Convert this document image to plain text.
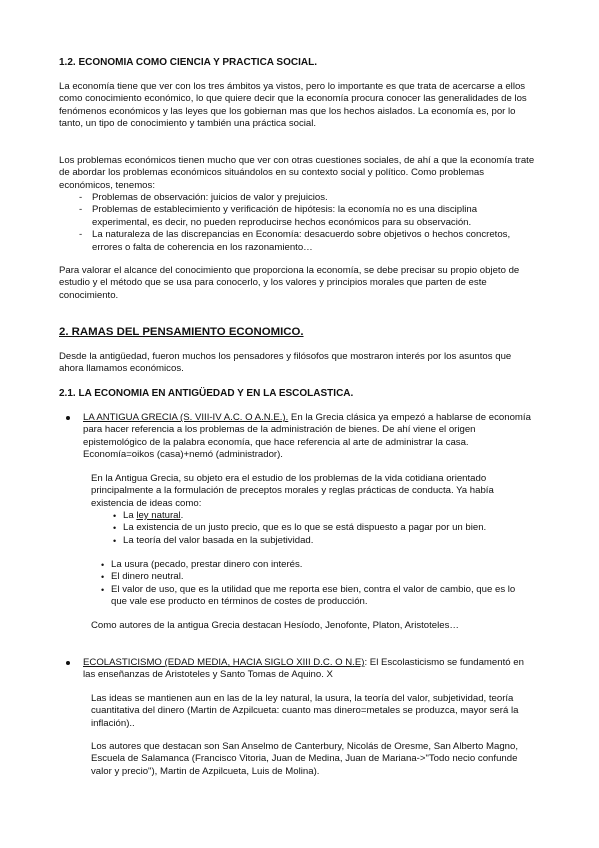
1.2. ECONOMIA COMO CIENCIA Y PRACTICA SOCIAL.

La economía tiene que ver con los tres ámbitos ya vistos, pero lo importante es que trata de acercarse a ellos como conocimiento económico, lo que quiere decir que la economía procura conocer las generalidades de los fenómenos económicos y las leyes que los gobiernan mas que los hechos aislados. La economía es, por lo tanto, un tipo de conocimiento y también una práctica social.

Los problemas económicos tienen mucho que ver con otras cuestiones sociales, de ahí a que la economía trate de abordar los problemas económicos situándolos en su contexto social y político. Como problemas económicos, tenemos:

- Problemas de observación: juicios de valor y prejuicios.
- Problemas de establecimiento y verificación de hipótesis: la economía no es una disciplina experimental, es decir, no pueden reproducirse hechos económicos para su observación.
- La naturaleza de las discrepancias en Economía: desacuerdo sobre objetivos o hechos concretos, errores o falta de coherencia en los razonamiento…

Para valorar el alcance del conocimiento que proporciona la economía, se debe precisar su propio objeto de estudio y el método que se usa para conocerlo, y los valores y principios morales que parten de este conocimiento.

2. RAMAS DEL PENSAMIENTO ECONOMICO.

Desde la antigüedad, fueron muchos los pensadores y filósofos que mostraron interés por los asuntos que ahora llamamos económicos.

2.1. LA ECONOMIA EN ANTIGÜEDAD Y EN LA ESCOLASTICA.
LA ANTIGUA GRECIA (S. VIII-IV A.C. O A.N.E.). En la Grecia clásica ya empezó a hablarse de economía para hacer referencia a los problemas de la administración de bienes. De ahí viene el origen epistemológico de la palabra economía, que hace referencia al arte de administrar la casa. Economía=oikos (casa)+nemó (administrador).

En la Antigua Grecia, su objeto era el estudio de los problemas de la vida cotidiana orientado principalmente a la formulación de preceptos morales y reglas prácticas de conducta. Ya había existencia de ideas como:

• La ley natural.
• La existencia de un justo precio, que es lo que se está dispuesto a pagar por un bien.
• La teoría del valor basada en la subjetividad.
• La usura (pecado, prestar dinero con interés.
• El dinero neutral.
• El valor de uso, que es la utilidad que me reporta ese bien, contra el valor de cambio, que es lo que vale ese producto en términos de costes de producción.

Como autores de la antigua Grecia destacan Hesíodo, Jenofonte, Platon, Aristoteles…

ECOLASTICISMO (EDAD MEDIA, HACIA SIGLO XIII D.C. O N.E): El Escolasticismo se fundamentó en las enseñanzas de Aristoteles y Santo Tomas de Aquino. X

Las ideas se mantienen aun en las de la ley natural, la usura, la teoría del valor, subjetividad, teoría cuantitativa del dinero (Martin de Azpilcueta: cuanto mas dinero=metales se produzca, mayor será la inflación)..

Los autores que destacan son San Anselmo de Canterbury, Nicolás de Oresme, San Alberto Magno, Escuela de Salamanca (Francisco Vitoria, Juan de Medina, Juan de Mariana->"Todo necio confunde valor y precio"), Martin de Azpilcueta, Luis de Molina).
